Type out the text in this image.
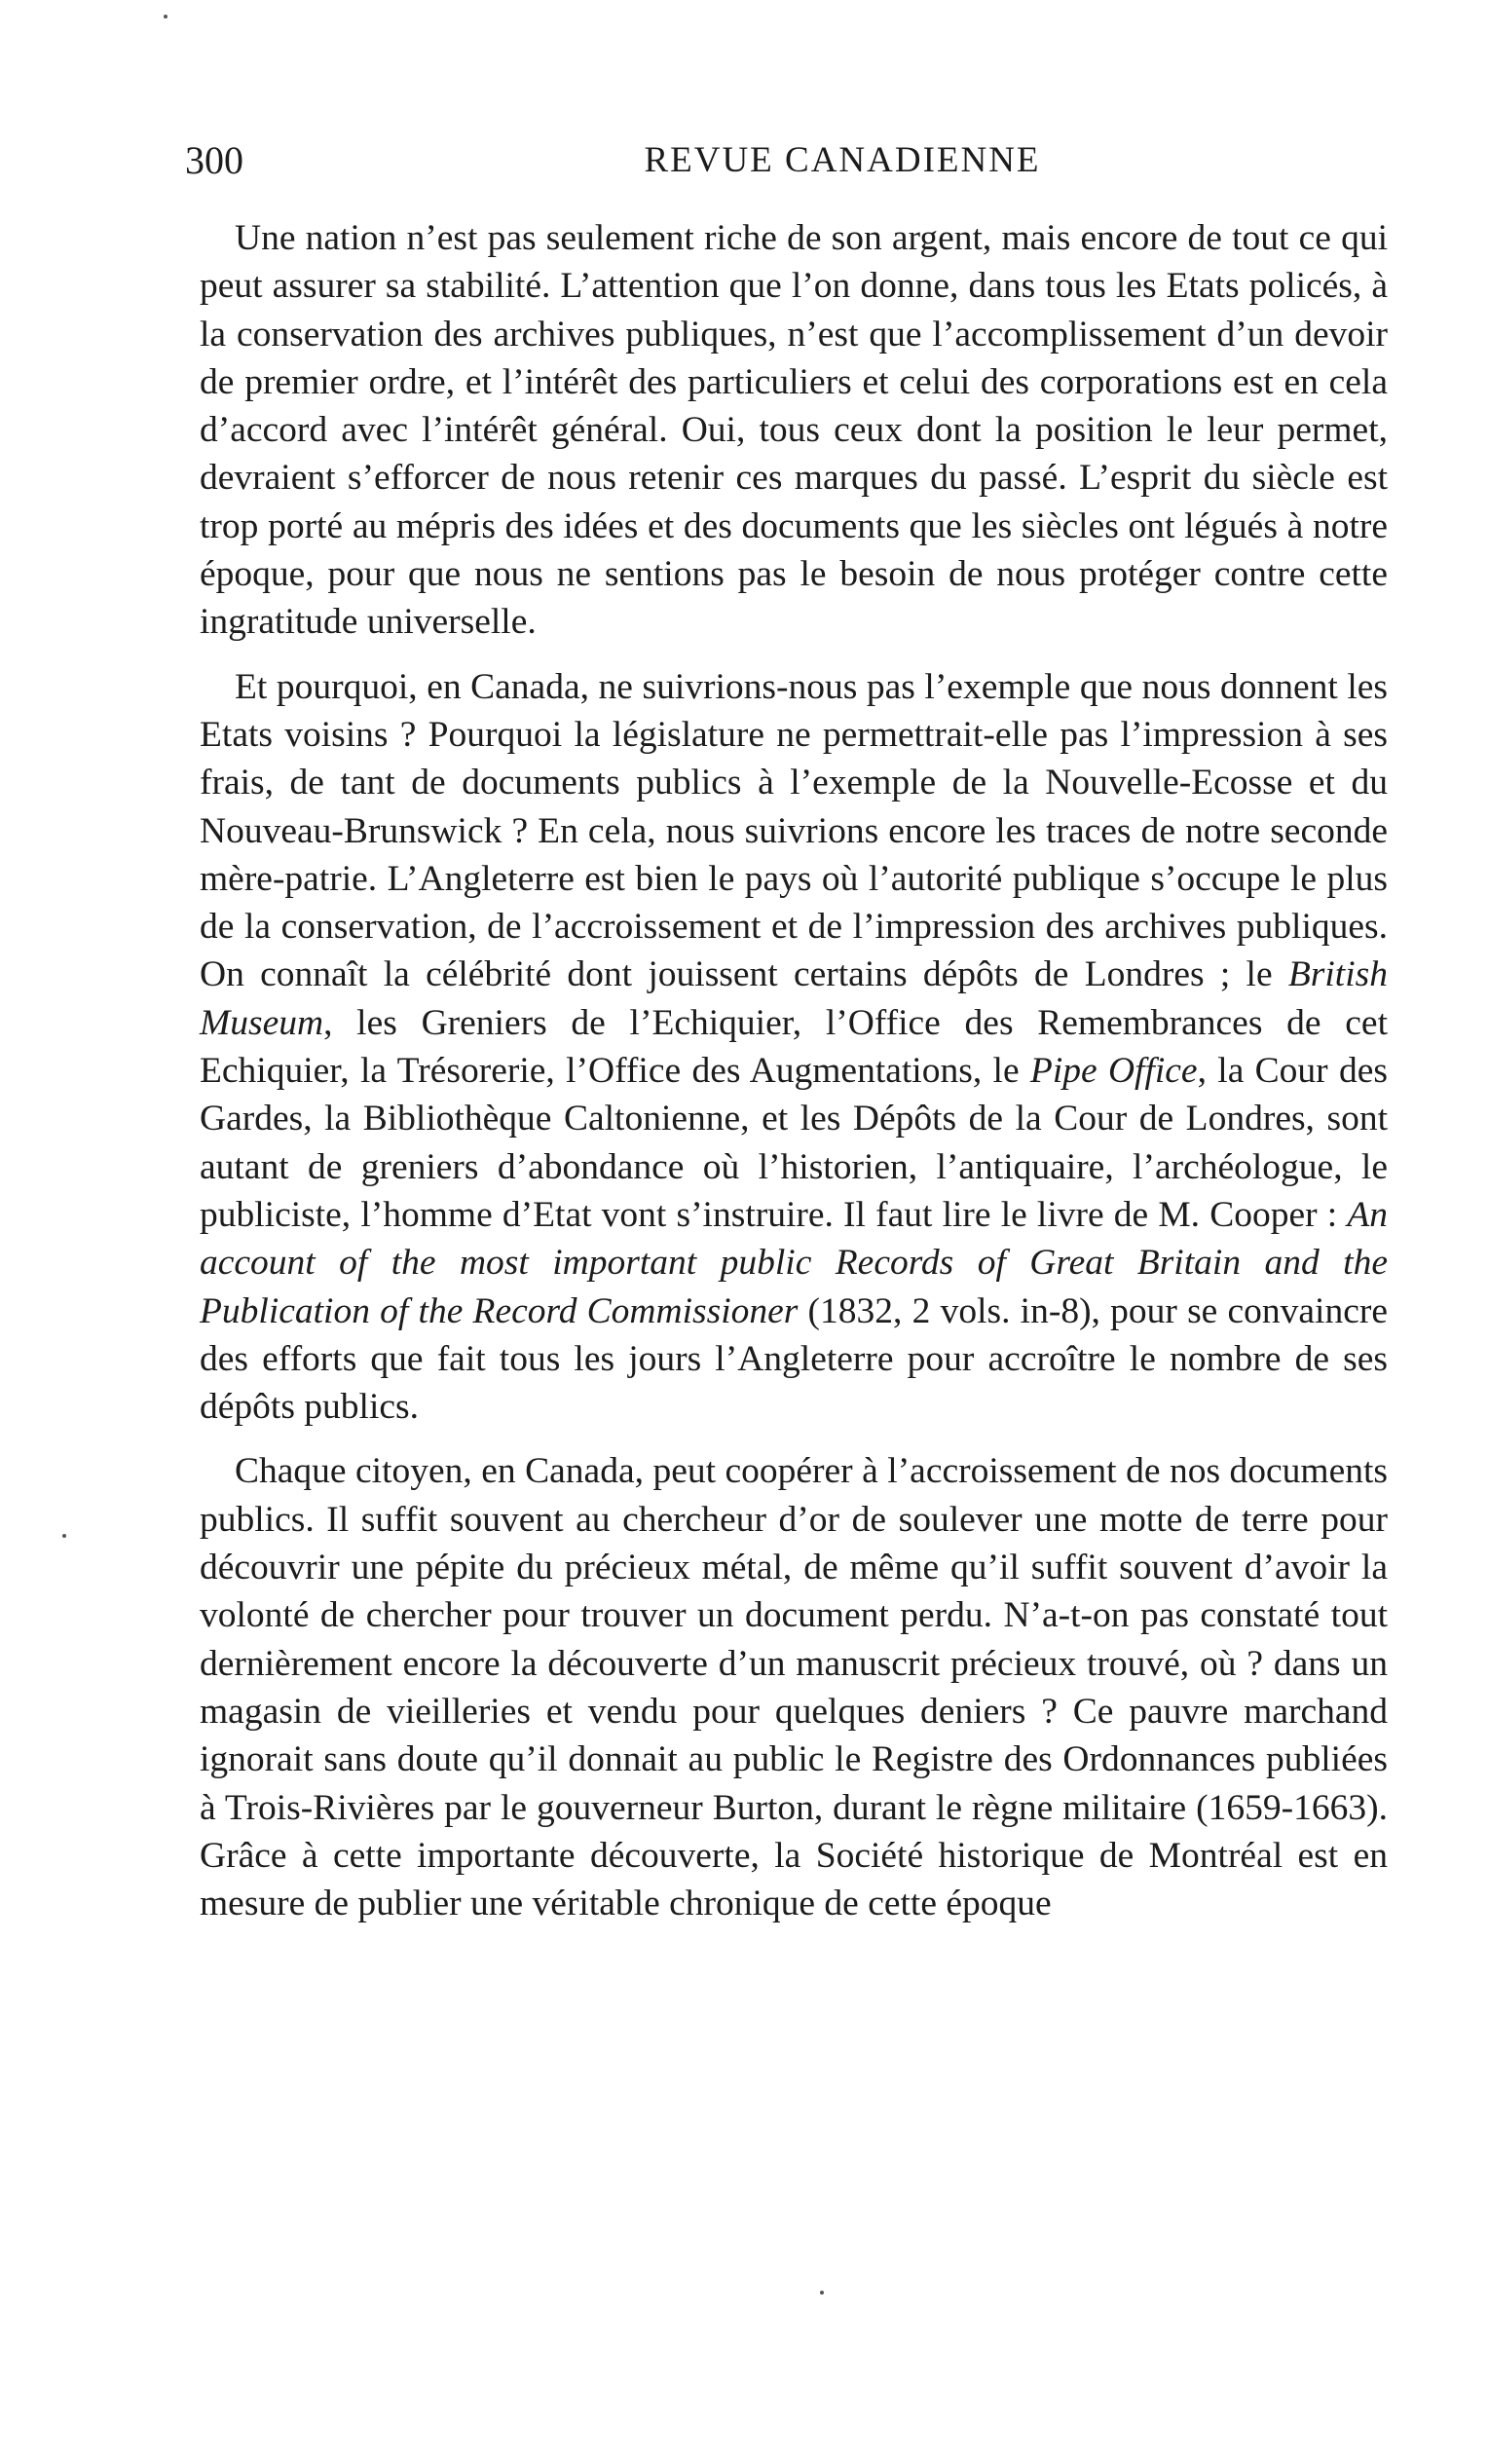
300	REVUE CANADIENNE

Une nation n’est pas seulement riche de son argent, mais encore de tout ce qui peut assurer sa stabilité. L’attention que l’on donne, dans tous les Etats policés, à la conservation des archives publiques, n’est que l’accomplissement d’un devoir de premier ordre, et l’intérêt des particuliers et celui des corporations est en cela d’accord avec l’intérêt général. Oui, tous ceux dont la position le leur permet, devraient s’efforcer de nous retenir ces marques du passé. L’esprit du siècle est trop porté au mépris des idées et des documents que les siècles ont légués à notre époque, pour que nous ne sentions pas le besoin de nous protéger contre cette ingratitude universelle.

Et pourquoi, en Canada, ne suivrions-nous pas l’exemple que nous donnent les Etats voisins ? Pourquoi la législature ne permettrait-elle pas l’impression à ses frais, de tant de documents publics à l’exemple de la Nouvelle-Ecosse et du Nouveau-Brunswick ? En cela, nous suivrions encore les traces de notre seconde mère-patrie. L’Angleterre est bien le pays où l’autorité publique s’occupe le plus de la conservation, de l’accroissement et de l’impression des archives publiques. On connaît la célébrité dont jouissent certains dépôts de Londres ; le British Museum, les Greniers de l’Echiquier, l’Office des Remembrances de cet Echiquier, la Trésorerie, l’Office des Augmentations, le Pipe Office, la Cour des Gardes, la Bibliothèque Caltonienne, et les Dépôts de la Cour de Londres, sont autant de greniers d’abondance où l’historien, l’antiquaire, l’archéologue, le publiciste, l’homme d’Etat vont s’instruire. Il faut lire le livre de M. Cooper : An account of the most important public Records of Great Britain and the Publication of the Record Commissioner (1832, 2 vols. in-8), pour se convaincre des efforts que fait tous les jours l’Angleterre pour accroître le nombre de ses dépôts publics.

Chaque citoyen, en Canada, peut coopérer à l’accroissement de nos documents publics. Il suffit souvent au chercheur d’or de soulever une motte de terre pour découvrir une pépite du précieux métal, de même qu’il suffit souvent d’avoir la volonté de chercher pour trouver un document perdu. N’a-t-on pas constaté tout dernièrement encore la découverte d’un manuscrit précieux trouvé, où ? dans un magasin de vieilleries et vendu pour quelques deniers ? Ce pauvre marchand ignorait sans doute qu’il donnait au public le Registre des Ordonnances publiées à Trois-Rivières par le gouverneur Burton, durant le règne militaire (1659-1663). Grâce à cette importante découverte, la Société historique de Montréal est en mesure de publier une véritable chronique de cette époque
